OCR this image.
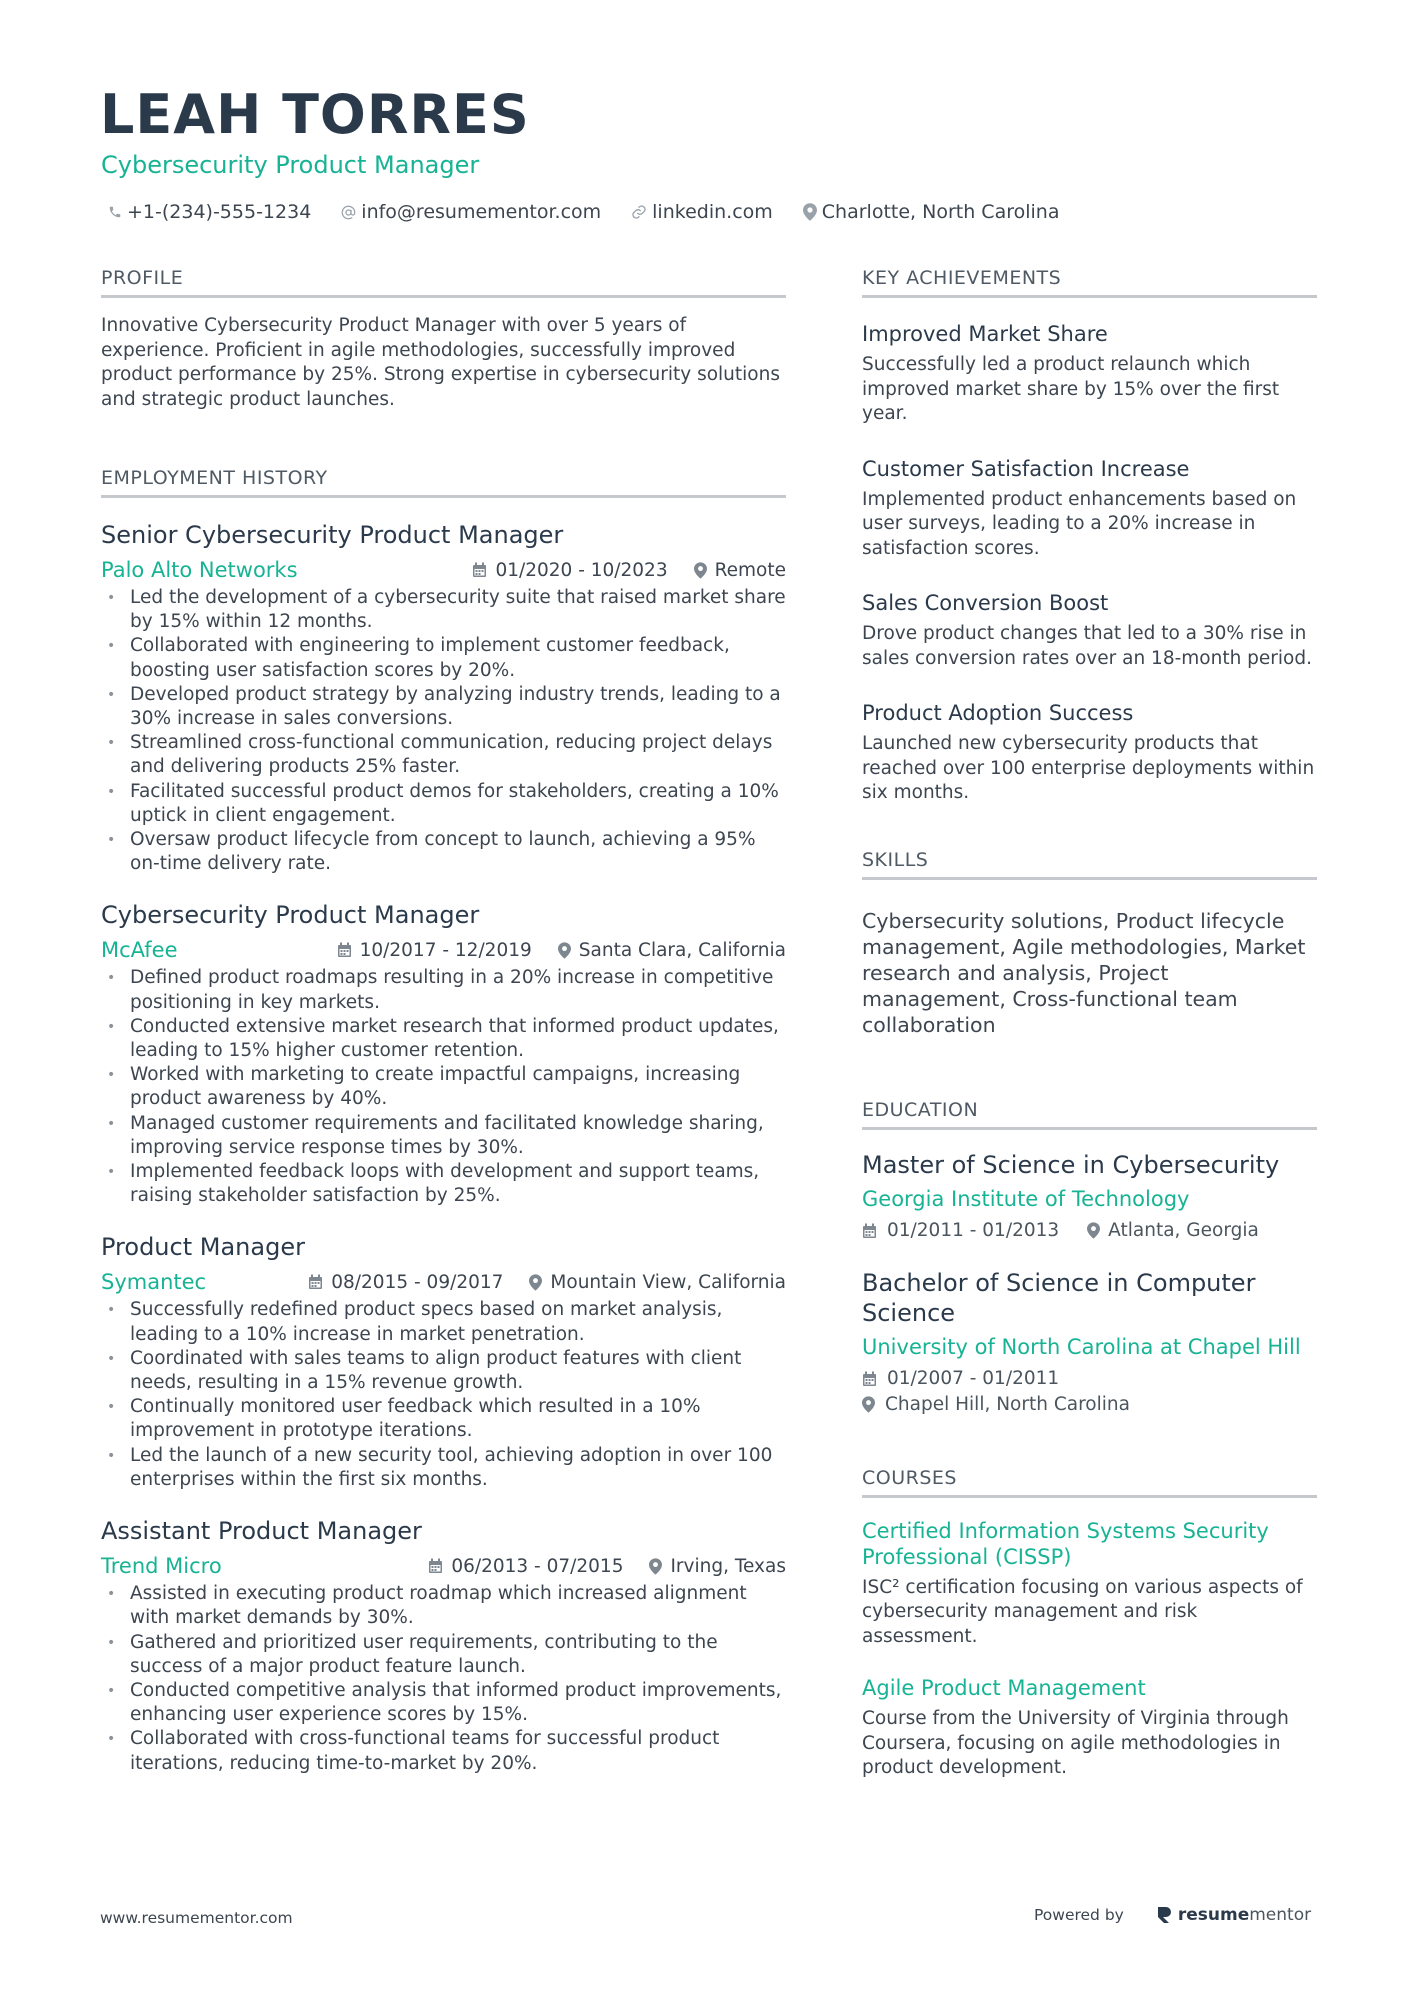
LEAH TORRES
Cybersecurity Product Manager
+1-(234)-555-1234	info@resumementor.com	linkedin.com	Charlotte, North Carolina
PROFILE

Innovative Cybersecurity Product Manager with over 5 years of experience. Proficient in agile methodologies, successfully improved product performance by 25%. Strong expertise in cybersecurity solutions and strategic product launches.

EMPLOYMENT HISTORY
Senior Cybersecurity Product Manager
Palo Alto Networks	01/2020 - 10/2023	Remote
• Led the development of a cybersecurity suite that raised market share by 15% within 12 months.
• Collaborated with engineering to implement customer feedback, boosting user satisfaction scores by 20%.
• Developed product strategy by analyzing industry trends, leading to a 30% increase in sales conversions.
• Streamlined cross-functional communication, reducing project delays and delivering products 25% faster.
• Facilitated successful product demos for stakeholders, creating a 10% uptick in client engagement.
• Oversaw product lifecycle from concept to launch, achieving a 95% on-time delivery rate.
Cybersecurity Product Manager
McAfee	10/2017 - 12/2019	Santa Clara, California
• Defined product roadmaps resulting in a 20% increase in competitive positioning in key markets.
• Conducted extensive market research that informed product updates, leading to 15% higher customer retention.
• Worked with marketing to create impactful campaigns, increasing product awareness by 40%.
• Managed customer requirements and facilitated knowledge sharing, improving service response times by 30%.
• Implemented feedback loops with development and support teams, raising stakeholder satisfaction by 25%.
Product Manager
Symantec	08/2015 - 09/2017	Mountain View, California
• Successfully redefined product specs based on market analysis, leading to a 10% increase in market penetration.
• Coordinated with sales teams to align product features with client needs, resulting in a 15% revenue growth.
• Continually monitored user feedback which resulted in a 10% improvement in prototype iterations.
• Led the launch of a new security tool, achieving adoption in over 100 enterprises within the first six months.
Assistant Product Manager
Trend Micro	06/2013 - 07/2015	Irving, Texas
• Assisted in executing product roadmap which increased alignment with market demands by 30%.
• Gathered and prioritized user requirements, contributing to the success of a major product feature launch.
• Conducted competitive analysis that informed product improvements, enhancing user experience scores by 15%.
• Collaborated with cross-functional teams for successful product iterations, reducing time-to-market by 20%.
KEY ACHIEVEMENTS
Improved Market Share

Successfully led a product relaunch which improved market share by 15% over the first year.

Customer Satisfaction Increase

Implemented product enhancements based on user surveys, leading to a 20% increase in satisfaction scores.

Sales Conversion Boost

Drove product changes that led to a 30% rise in sales conversion rates over an 18-month period.

Product Adoption Success

Launched new cybersecurity products that reached over 100 enterprise deployments within six months.

SKILLS

Cybersecurity solutions, Product lifecycle management, Agile methodologies, Market research and analysis, Project management, Cross-functional team collaboration

EDUCATION
Master of Science in Cybersecurity
Georgia Institute of Technology
01/2011 - 01/2013	Atlanta, Georgia
Bachelor of Science in Computer Science
University of North Carolina at Chapel Hill
01/2007 - 01/2011
Chapel Hill, North Carolina
COURSES
Certified Information Systems Security Professional (CISSP)

ISC² certification focusing on various aspects of cybersecurity management and risk assessment.

Agile Product Management

Course from the University of Virginia through Coursera, focusing on agile methodologies in product development.

www.resumementor.com	Powered by	resume mentor
